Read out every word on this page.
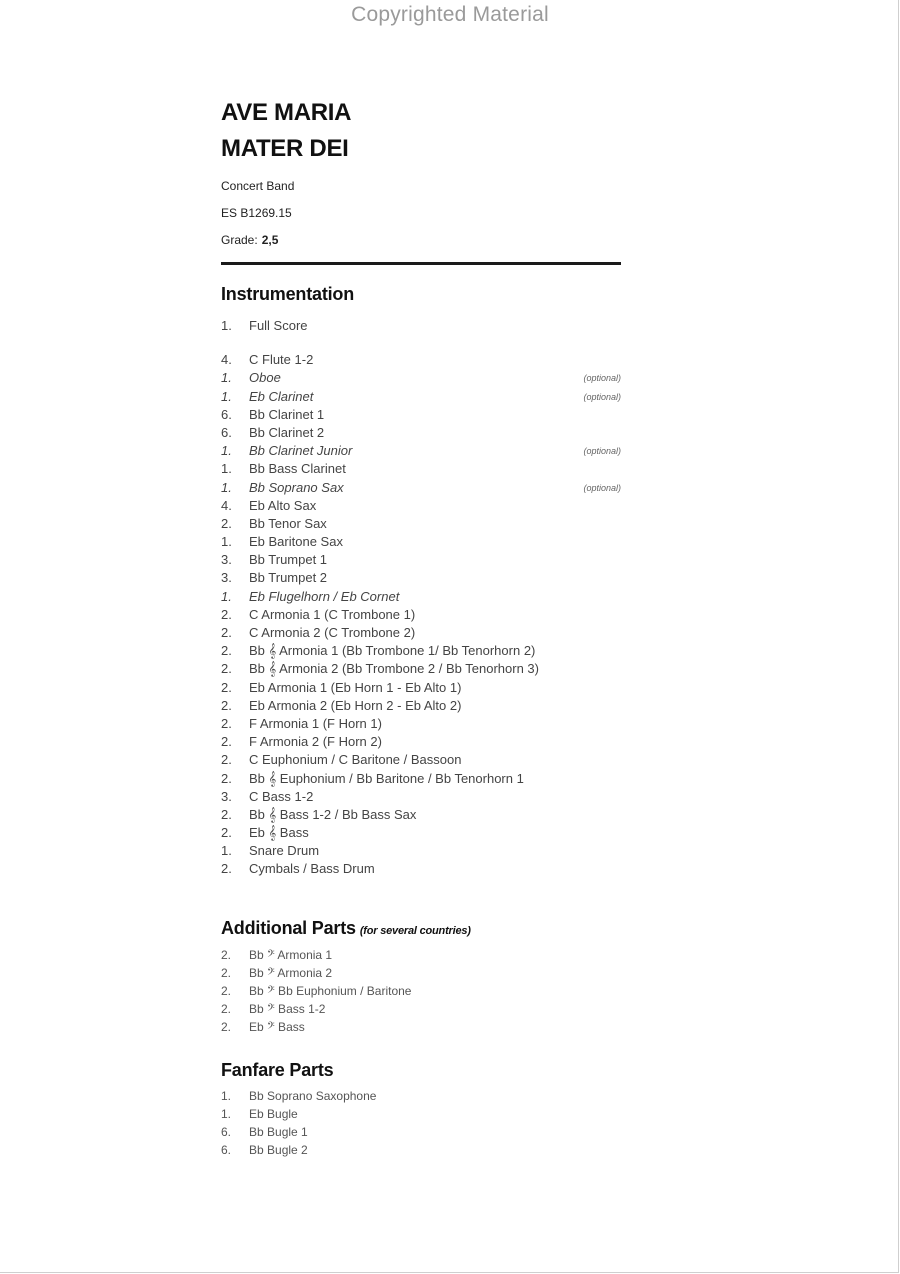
Copyrighted Material
AVE MARIA
MATER DEI
Concert Band
ES B1269.15
Grade: 2,5
Instrumentation
1.	Full Score
4.	C Flute 1-2
1.	Oboe	(optional)
1.	Eb Clarinet	(optional)
6.	Bb Clarinet 1
6.	Bb Clarinet 2
1.	Bb Clarinet Junior	(optional)
1.	Bb Bass Clarinet
1.	Bb Soprano Sax	(optional)
4.	Eb Alto Sax
2.	Bb Tenor Sax
1.	Eb Baritone Sax
3.	Bb Trumpet 1
3.	Bb Trumpet 2
1.	Eb Flugelhorn / Eb Cornet
2.	C Armonia 1 (C Trombone 1)
2.	C Armonia 2 (C Trombone 2)
2.	Bb 𝄞 Armonia 1 (Bb Trombone 1/ Bb Tenorhorn 2)
2.	Bb 𝄞 Armonia 2 (Bb Trombone 2 / Bb Tenorhorn 3)
2.	Eb Armonia 1 (Eb Horn 1 - Eb Alto 1)
2.	Eb Armonia 2 (Eb Horn 2 - Eb Alto 2)
2.	F Armonia 1 (F Horn 1)
2.	F Armonia 2 (F Horn 2)
2.	C Euphonium / C Baritone / Bassoon
2.	Bb 𝄞 Euphonium / Bb Baritone / Bb Tenorhorn 1
3.	C Bass 1-2
2.	Bb 𝄞 Bass 1-2 / Bb Bass Sax
2.	Eb 𝄞 Bass
1.	Snare Drum
2.	Cymbals / Bass Drum
Additional Parts (for several countries)
2.	Bb 𝄢 Armonia 1
2.	Bb 𝄢 Armonia 2
2.	Bb 𝄢 Bb Euphonium / Baritone
2.	Bb 𝄢 Bass 1-2
2.	Eb 𝄢 Bass
Fanfare Parts
1.	Bb Soprano Saxophone
1.	Eb Bugle
6.	Bb Bugle 1
6.	Bb Bugle 2
